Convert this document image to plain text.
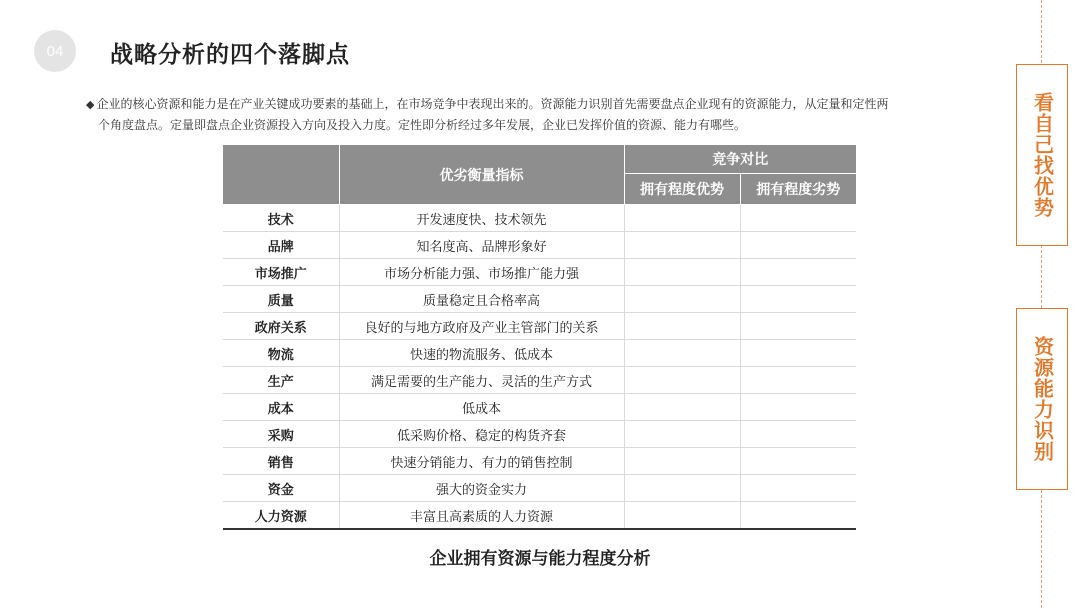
04	战略分析的四个落脚点
◆ 企业的核心资源和能力是在产业关键成功要素的基础上，在市场竞争中表现出来的。资源能力识别首先需要盘点企业现有的资源能力，从定量和定性两
个角度盘点。定量即盘点企业资源投入方向及投入力度。定性即分析经过多年发展，企业已发挥价值的资源、能力有哪些。
	优劣衡量指标	竞争对比	
		拥有程度优势	拥有程度劣势
技术	开发速度快、技术领先		
品牌	知名度高、品牌形象好		
市场推广	市场分析能力强、市场推广能力强		
质量	质量稳定且合格率高		
政府关系	良好的与地方政府及产业主管部门的关系		
物流	快速的物流服务、低成本		
生产	满足需要的生产能力、灵活的生产方式		
成本	低成本		
采购	低采购价格、稳定的构货齐套		
销售	快速分销能力、有力的销售控制		
资金	强大的资金实力		
人力资源	丰富且高素质的人力资源		
企业拥有资源与能力程度分析
看自己找优势
资源能力识别
